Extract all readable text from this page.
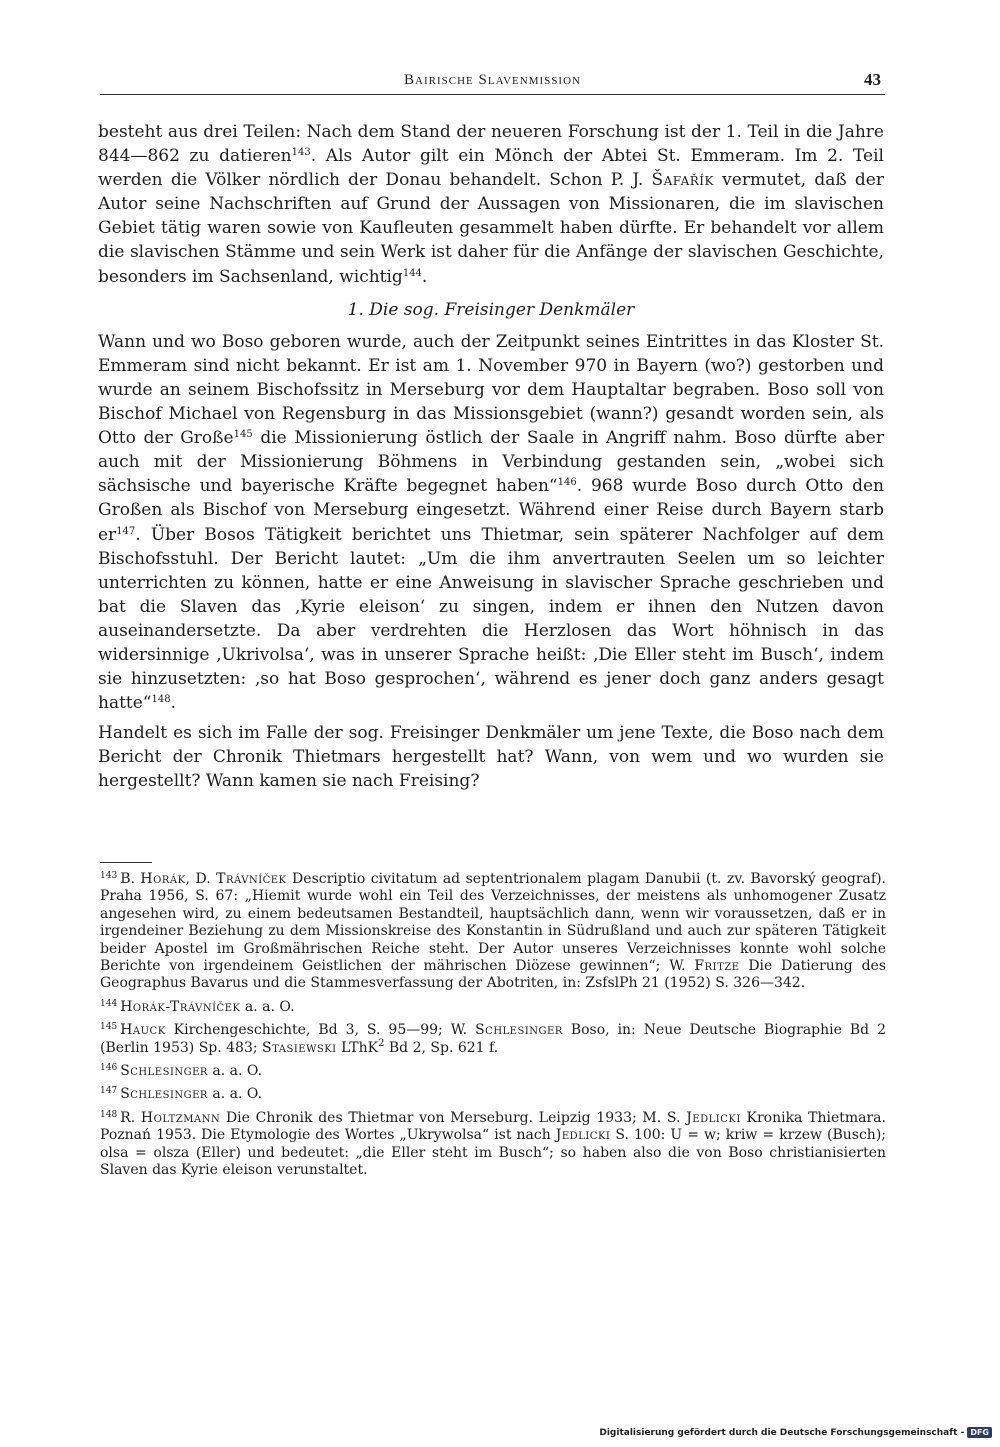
Bairische Slavenmission	43

besteht aus drei Teilen: Nach dem Stand der neueren Forschung ist der 1. Teil in die Jahre 844—862 zu datieren$^{143}$. Als Autor gilt ein Mönch der Abtei St. Emmeram. Im 2. Teil werden die Völker nördlich der Donau behandelt. Schon P. J. Šafařík vermutet, daß der Autor seine Nachschriften auf Grund der Aussagen von Missionaren, die im slavischen Gebiet tätig waren sowie von Kaufleuten gesammelt haben dürfte. Er behandelt vor allem die slavischen Stämme und sein Werk ist daher für die Anfänge der slavischen Geschichte, besonders im Sachsenland, wichtig$^{144}$.

1. Die sog. Freisinger Denkmäler

Wann und wo Boso geboren wurde, auch der Zeitpunkt seines Eintrittes in das Kloster St. Emmeram sind nicht bekannt. Er ist am 1. November 970 in Bayern (wo?) gestorben und wurde an seinem Bischofssitz in Merseburg vor dem Hauptaltar begraben. Boso soll von Bischof Michael von Regensburg in das Missionsgebiet (wann?) gesandt worden sein, als Otto der Große$^{145}$ die Missionierung östlich der Saale in Angriff nahm. Boso dürfte aber auch mit der Missionierung Böhmens in Verbindung gestanden sein, „wobei sich sächsische und bayerische Kräfte begegnet haben“$^{146}$. 968 wurde Boso durch Otto den Großen als Bischof von Merseburg eingesetzt. Während einer Reise durch Bayern starb $er^{147}$. Über Bosos Tätigkeit berichtet uns Thietmar, sein späterer Nachfolger auf dem Bischofsstuhl. Der Bericht lautet: „Um die ihm anvertrauten Seelen um so leichter unterrichten zu können, hatte er eine Anweisung in slavischer Sprache geschrieben und bat die Slaven das ‚Kyrie eleison‘ zu singen, indem er ihnen den Nutzen davon auseinandersetzte. Da aber verdrehten die Herzlosen das Wort höhnisch in das widersinnige ‚Ukrivolsa‘, was in unserer Sprache heißt: ‚Die Eller steht im Busch‘, indem sie hinzusetzten: ‚so hat Boso gesprochen‘, während es jener doch ganz anders gesagt hatte“$^{148}$.

Handelt es sich im Falle der sog. Freisinger Denkmäler um jene Texte, die Boso nach dem Bericht der Chronik Thietmars hergestellt hat? Wann, von wem und wo wurden sie hergestellt? Wann kamen sie nach Freising?

$^{143}$ B. Horák, D. Trávníček Descriptio civitatum ad septentrionalem plagam Danubii (t. zv. Bavorský geograf). Praha 1956, S. 67: „Hiemit wurde wohl ein Teil des Verzeichnisses, der meistens als unhomogener Zusatz angesehen wird, zu einem bedeutsamen Bestandteil, hauptsächlich dann, wenn wir voraussetzen, daß er in irgendeiner Beziehung zu dem Missionskreise des Konstantin in Südrußland und auch zur späteren Tätigkeit beider Apostel im Großmährischen Reiche steht. Der Autor unseres Verzeichnisses konnte wohl solche Berichte von irgendeinem Geistlichen der mährischen Diözese gewinnen“; W. Fritze Die Datierung des Geographus Bavarus und die Stammesverfassung der Abotriten, in: ZsfslPh 21 (1952) S. 326—342.

$^{144}$ Horák-Trávníček a. a. O.

$^{145}$ Hauck Kirchengeschichte, Bd 3, S. 95—99; W. Schlesinger Boso, in: Neue Deutsche Biographie Bd 2 (Berlin 1953) Sp. 483; Stasiewski LThK$^2$ Bd 2, Sp. 621 f.

$^{146}$ Schlesinger a. a. O.

$^{147}$ Schlesinger a. a. O.

$^{148}$ R. Holtzmann Die Chronik des Thietmar von Merseburg. Leipzig 1933; M. S. Jedlicki Kronika Thietmara. Poznań 1953. Die Etymologie des Wortes „Ukrywolsa“ ist nach Jedlicki S. 100: U = w; kriw = krzew (Busch); olsa = olsza (Eller) und bedeutet: „die Eller steht im Busch“; so haben also die von Boso christianisierten Slaven das Kyrie eleison verunstaltet.

Digitalisierung gefördert durch die Deutsche Forschungsgemeinschaft - DFG
